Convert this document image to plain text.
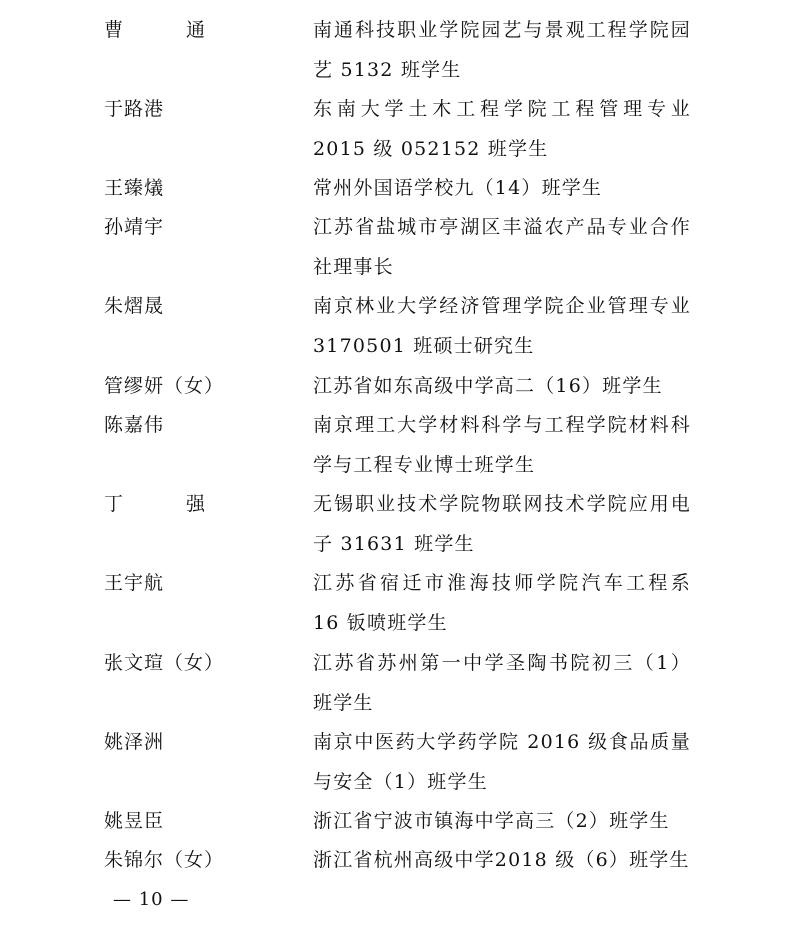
曹　通	南通科技职业学院园艺与景观工程学院园
艺 5132 班学生
于路港	东南大学土木工程学院工程管理专业
2015 级 052152 班学生
王臻燨	常州外国语学校九（14）班学生
孙靖宇	江苏省盐城市亭湖区丰溢农产品专业合作
社理事长
朱熠晟	南京林业大学经济管理学院企业管理专业
3170501 班硕士研究生
管缪妍（女）	江苏省如东高级中学高二（16）班学生
陈嘉伟	南京理工大学材料科学与工程学院材料科
学与工程专业博士班学生
丁　强	无锡职业技术学院物联网技术学院应用电
子 31631 班学生
王宇航	江苏省宿迁市淮海技师学院汽车工程系
16 钣喷班学生
张文瑄（女）	江苏省苏州第一中学圣陶书院初三（1）
班学生
姚泽洲	南京中医药大学药学院 2016 级食品质量
与安全（1）班学生
姚昱臣	浙江省宁波市镇海中学高三（2）班学生
朱锦尔（女）	浙江省杭州高级中学2018 级（6）班学生
— 10 —
